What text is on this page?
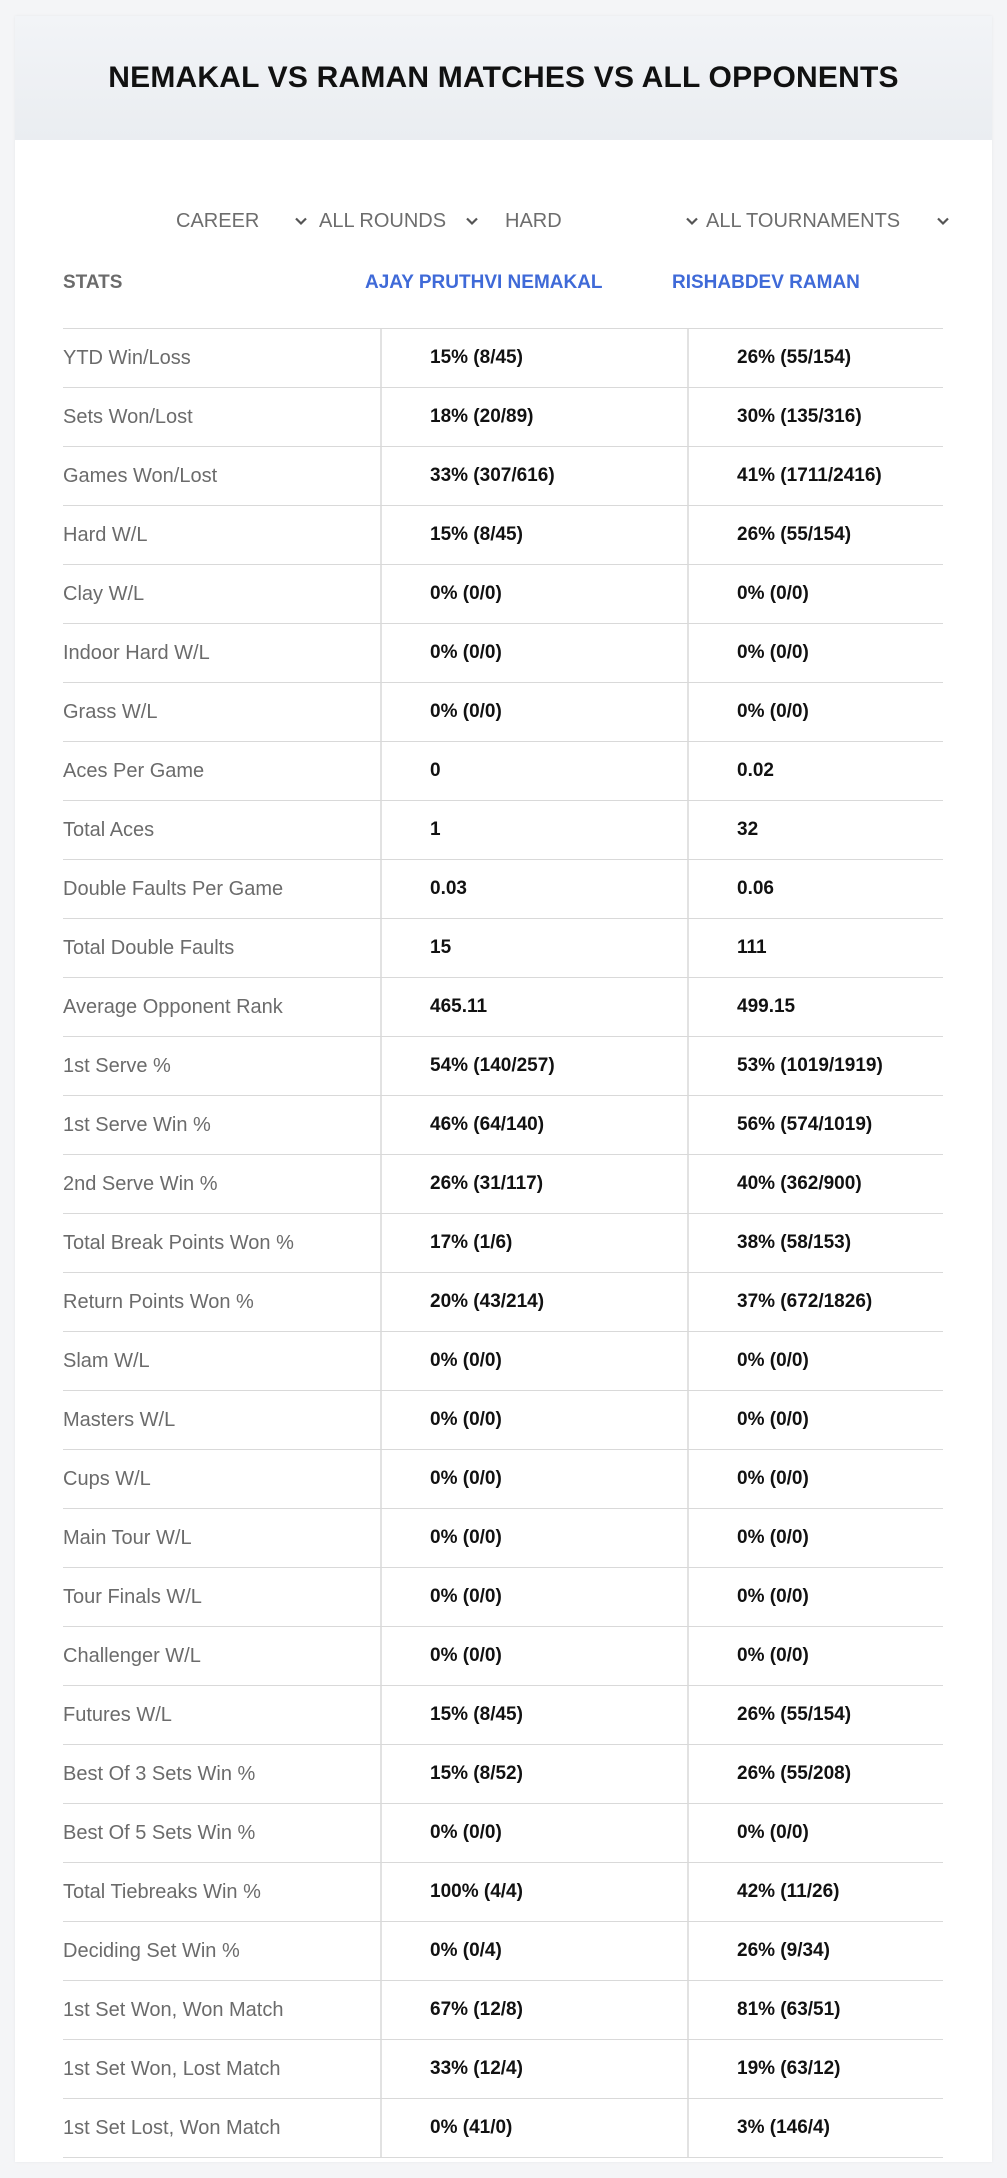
NEMAKAL VS RAMAN MATCHES VS ALL OPPONENTS
CAREER	ALL ROUNDS	HARD	ALL TOURNAMENTS
STATS	AJAY PRUTHVI NEMAKAL	RISHABDEV RAMAN
YTD Win/Loss	15% (8/45)	26% (55/154)
Sets Won/Lost	18% (20/89)	30% (135/316)
Games Won/Lost	33% (307/616)	41% (1711/2416)
Hard W/L	15% (8/45)	26% (55/154)
Clay W/L	0% (0/0)	0% (0/0)
Indoor Hard W/L	0% (0/0)	0% (0/0)
Grass W/L	0% (0/0)	0% (0/0)
Aces Per Game	0	0.02
Total Aces	1	32
Double Faults Per Game	0.03	0.06
Total Double Faults	15	111
Average Opponent Rank	465.11	499.15
1st Serve %	54% (140/257)	53% (1019/1919)
1st Serve Win %	46% (64/140)	56% (574/1019)
2nd Serve Win %	26% (31/117)	40% (362/900)
Total Break Points Won %	17% (1/6)	38% (58/153)
Return Points Won %	20% (43/214)	37% (672/1826)
Slam W/L	0% (0/0)	0% (0/0)
Masters W/L	0% (0/0)	0% (0/0)
Cups W/L	0% (0/0)	0% (0/0)
Main Tour W/L	0% (0/0)	0% (0/0)
Tour Finals W/L	0% (0/0)	0% (0/0)
Challenger W/L	0% (0/0)	0% (0/0)
Futures W/L	15% (8/45)	26% (55/154)
Best Of 3 Sets Win %	15% (8/52)	26% (55/208)
Best Of 5 Sets Win %	0% (0/0)	0% (0/0)
Total Tiebreaks Win %	100% (4/4)	42% (11/26)
Deciding Set Win %	0% (0/4)	26% (9/34)
1st Set Won, Won Match	67% (12/8)	81% (63/51)
1st Set Won, Lost Match	33% (12/4)	19% (63/12)
1st Set Lost, Won Match	0% (41/0)	3% (146/4)
